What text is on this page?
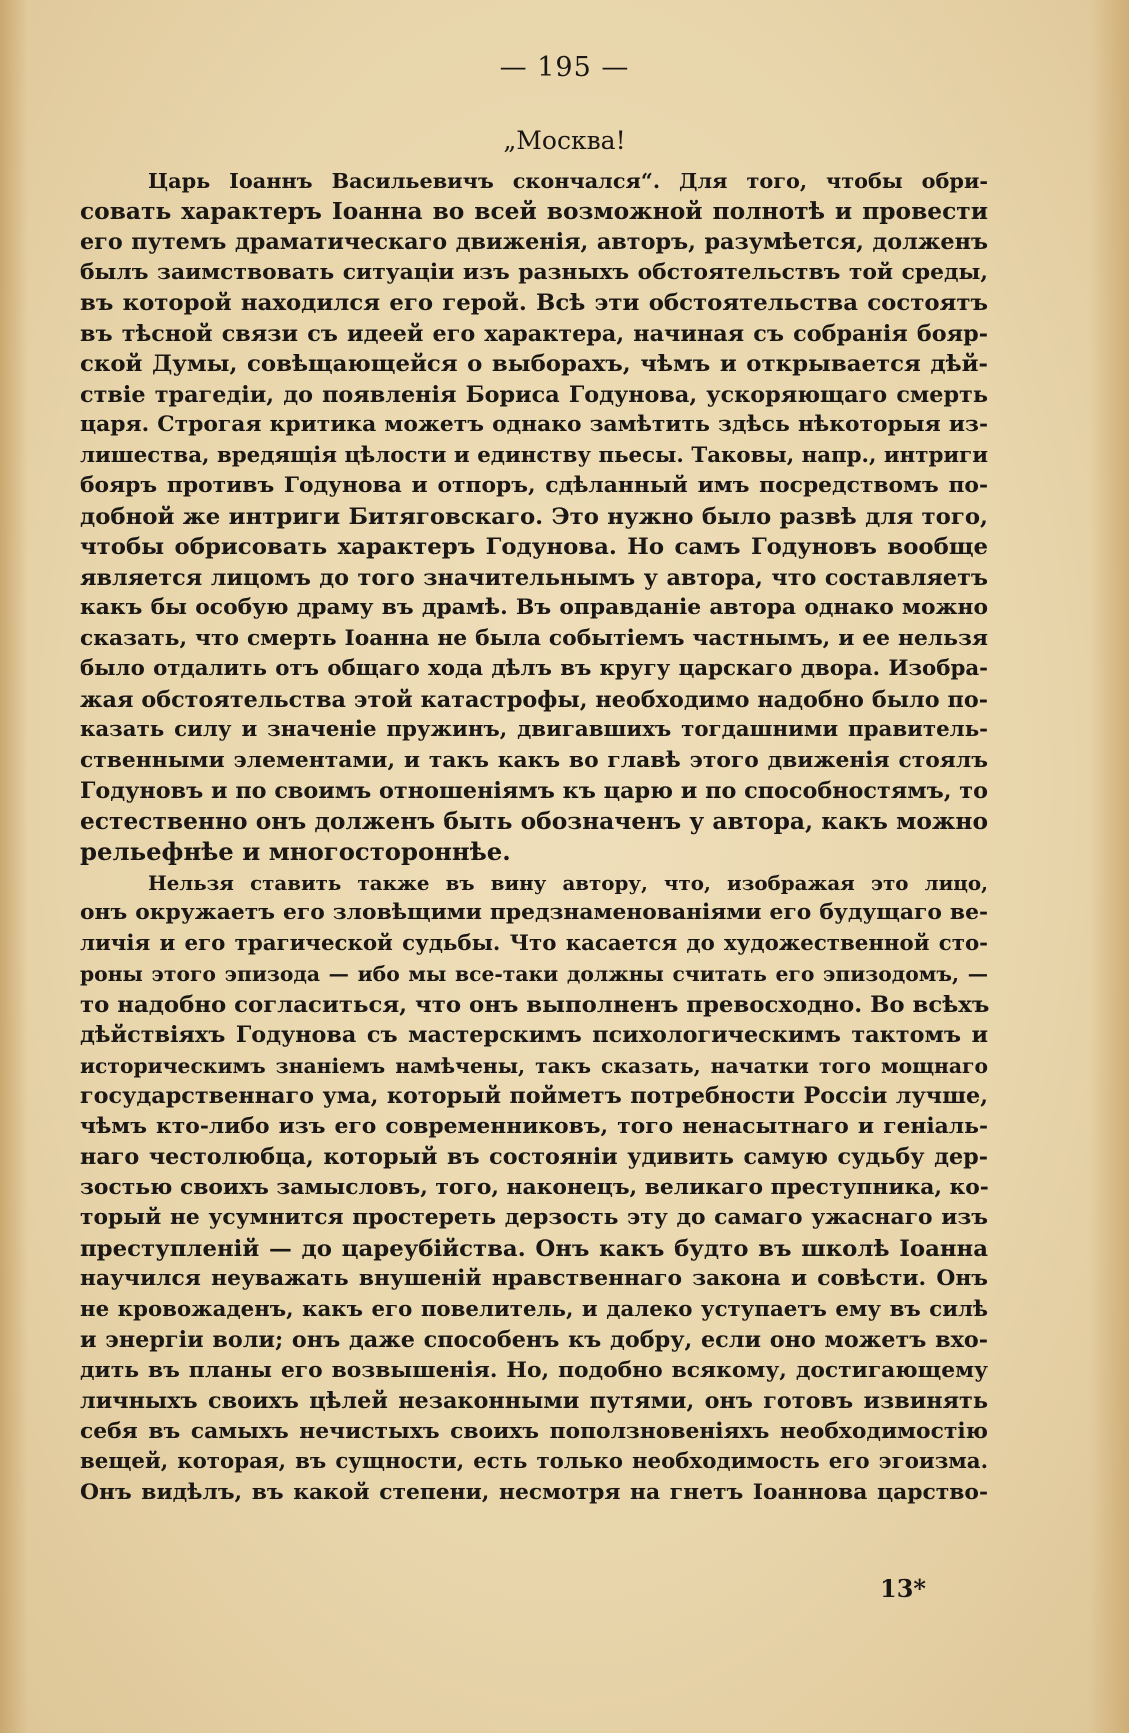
— 195 —
„Москва!
Царь Іоаннъ Васильевичъ скончался“. Для того, чтобы обри-
совать характеръ Іоанна во всей возможной полнотѣ и провести
его путемъ драматическаго движенія, авторъ, разумѣется, долженъ
былъ заимствовать ситуаціи изъ разныхъ обстоятельствъ той среды,
въ которой находился его герой. Всѣ эти обстоятельства состоятъ
въ тѣсной связи съ идеей его характера, начиная съ собранія бояр-
ской Думы, совѣщающейся о выборахъ, чѣмъ и открывается дѣй-
ствіе трагедіи, до появленія Бориса Годунова, ускоряющаго смерть
царя. Строгая критика можетъ однако замѣтить здѣсь нѣкоторыя из-
лишества, вредящія цѣлости и единству пьесы. Таковы, напр., интриги
бояръ противъ Годунова и отпоръ, сдѣланный имъ посредствомъ по-
добной же интриги Битяговскаго. Это нужно было развѣ для того,
чтобы обрисовать характеръ Годунова. Но самъ Годуновъ вообще
является лицомъ до того значительнымъ у автора, что составляетъ
какъ бы особую драму въ драмѣ. Въ оправданіе автора однако можно
сказать, что смерть Іоанна не была событіемъ частнымъ, и ее нельзя
было отдалить отъ общаго хода дѣлъ въ кругу царскаго двора. Изобра-
жая обстоятельства этой катастрофы, необходимо надобно было по-
казать силу и значеніе пружинъ, двигавшихъ тогдашними правитель-
ственными элементами, и такъ какъ во главѣ этого движенія стоялъ
Годуновъ и по своимъ отношеніямъ къ царю и по способностямъ, то
естественно онъ долженъ быть обозначенъ у автора, какъ можно
рельефнѣе и многостороннѣе.
Нельзя ставить также въ вину автору, что, изображая это лицо,
онъ окружаетъ его зловѣщими предзнаменованіями его будущаго ве-
личія и его трагической судьбы. Что касается до художественной сто-
роны этого эпизода — ибо мы все-таки должны считать его эпизодомъ, —
то надобно согласиться, что онъ выполненъ превосходно. Во всѣхъ
дѣйствіяхъ Годунова съ мастерскимъ психологическимъ тактомъ и
историческимъ знаніемъ намѣчены, такъ сказать, начатки того мощнаго
государственнаго ума, который пойметъ потребности Россіи лучше,
чѣмъ кто-либо изъ его современниковъ, того ненасытнаго и геніаль-
наго честолюбца, который въ состояніи удивить самую судьбу дер-
зостью своихъ замысловъ, того, наконецъ, великаго преступника, ко-
торый не усумнится простереть дерзость эту до самаго ужаснаго изъ
преступленій — до цареубійства. Онъ какъ будто въ школѣ Іоанна
научился неуважать внушеній нравственнаго закона и совѣсти. Онъ
не кровожаденъ, какъ его повелитель, и далеко уступаетъ ему въ силѣ
и энергіи воли; онъ даже способенъ къ добру, если оно можетъ вхо-
дить въ планы его возвышенія. Но, подобно всякому, достигающему
личныхъ своихъ цѣлей незаконными путями, онъ готовъ извинять
себя въ самыхъ нечистыхъ своихъ поползновеніяхъ необходимостію
вещей, которая, въ сущности, есть только необходимость его эгоизма.
Онъ видѣлъ, въ какой степени, несмотря на гнетъ Іоаннова царство-
13*
